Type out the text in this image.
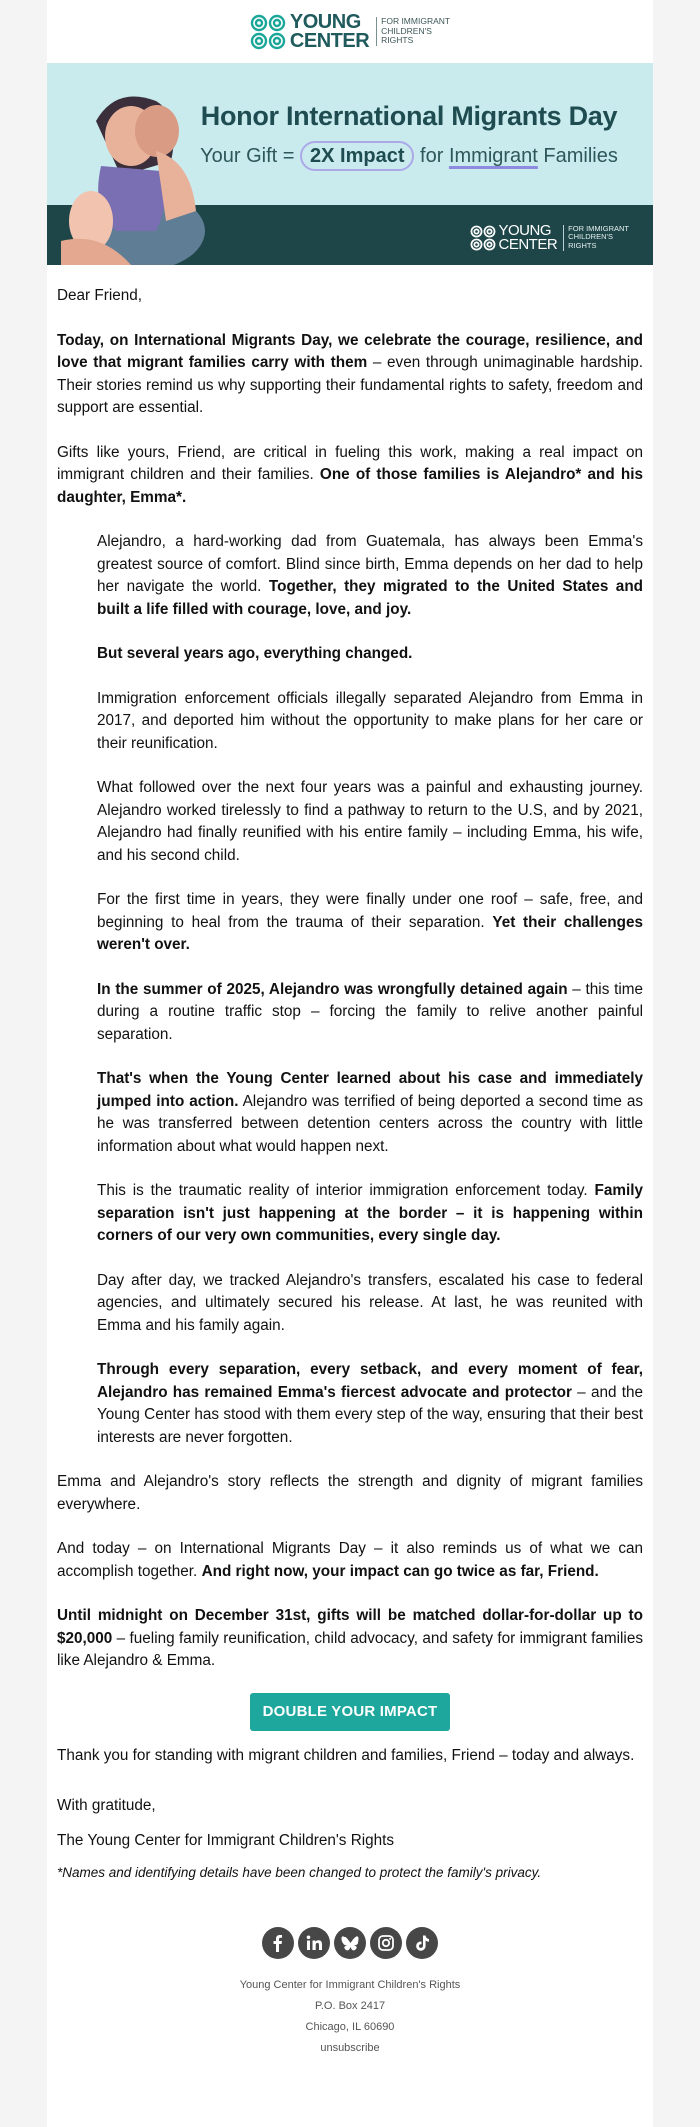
YOUNG
CENTER
FOR IMMIGRANT
CHILDREN'S
RIGHTS
Honor International Migrants Day
Your Gift = 2X Impact for Immigrant Families
YOUNG
CENTER
FOR IMMIGRANT
CHILDREN'S
RIGHTS

Dear Friend,

Today, on International Migrants Day, we celebrate the courage, resilience, and love that migrant families carry with them – even through unimaginable hardship. Their stories remind us why supporting their fundamental rights to safety, freedom and support are essential.

Gifts like yours, Friend, are critical in fueling this work, making a real impact on immigrant children and their families. One of those families is Alejandro* and his daughter, Emma*.

Alejandro, a hard-working dad from Guatemala, has always been Emma's greatest source of comfort. Blind since birth, Emma depends on her dad to help her navigate the world. Together, they migrated to the United States and built a life filled with courage, love, and joy.

But several years ago, everything changed.

Immigration enforcement officials illegally separated Alejandro from Emma in 2017, and deported him without the opportunity to make plans for her care or their reunification.

What followed over the next four years was a painful and exhausting journey. Alejandro worked tirelessly to find a pathway to return to the U.S, and by 2021, Alejandro had finally reunified with his entire family – including Emma, his wife, and his second child.

For the first time in years, they were finally under one roof – safe, free, and beginning to heal from the trauma of their separation. Yet their challenges weren't over.

In the summer of 2025, Alejandro was wrongfully detained again – this time during a routine traffic stop – forcing the family to relive another painful separation.

That's when the Young Center learned about his case and immediately jumped into action. Alejandro was terrified of being deported a second time as he was transferred between detention centers across the country with little information about what would happen next.

This is the traumatic reality of interior immigration enforcement today. Family separation isn't just happening at the border – it is happening within corners of our very own communities, every single day.

Day after day, we tracked Alejandro's transfers, escalated his case to federal agencies, and ultimately secured his release. At last, he was reunited with Emma and his family again.

Through every separation, every setback, and every moment of fear, Alejandro has remained Emma's fiercest advocate and protector – and the Young Center has stood with them every step of the way, ensuring that their best interests are never forgotten.

Emma and Alejandro's story reflects the strength and dignity of migrant families everywhere.

And today – on International Migrants Day – it also reminds us of what we can accomplish together. And right now, your impact can go twice as far, Friend.

Until midnight on December 31st, gifts will be matched dollar-for-dollar up to $20,000 – fueling family reunification, child advocacy, and safety for immigrant families like Alejandro & Emma.

DOUBLE YOUR IMPACT

Thank you for standing with migrant children and families, Friend – today and always.

With gratitude,

The Young Center for Immigrant Children's Rights

*Names and identifying details have been changed to protect the family's privacy.

Young Center for Immigrant Children's Rights
P.O. Box 2417
Chicago, IL 60690
unsubscribe
